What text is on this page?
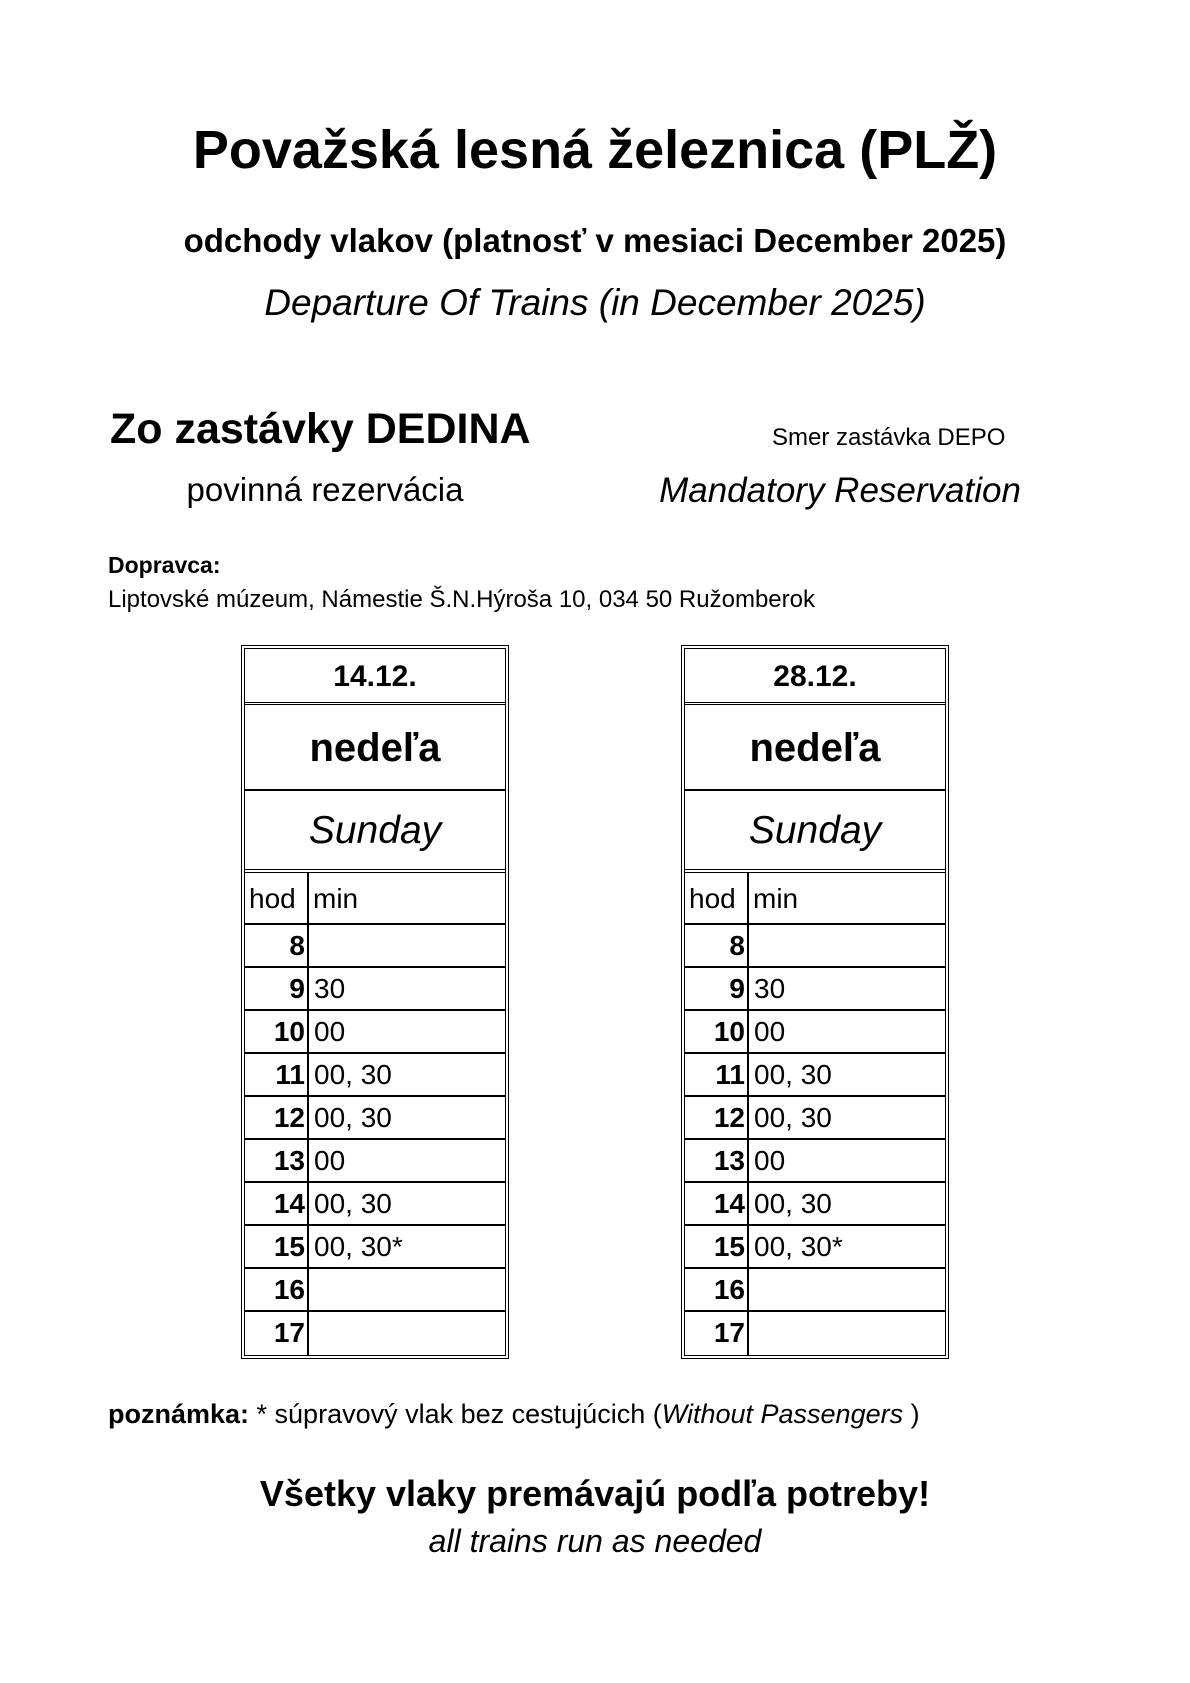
Považská lesná železnica (PLŽ)
odchody vlakov (platnosť v mesiaci December 2025)
Departure Of Trains (in December 2025)
Zo zastávky DEDINA	Smer zastávka DEPO
povinná rezervácia	Mandatory Reservation
Dopravca:
Liptovské múzeum, Námestie Š.N.Hýroša 10, 034 50 Ružomberok
14.12.
nedeľa
Sunday
hod min
8
9 30
10 00
11 00, 30
12 00, 30
13 00
14 00, 30
15 00, 30*
16
17
28.12.
nedeľa
Sunday
hod min
8
9 30
10 00
11 00, 30
12 00, 30
13 00
14 00, 30
15 00, 30*
16
17
poznámka: * súpravový vlak bez cestujúcich (Without Passengers )
Všetky vlaky premávajú podľa potreby!
all trains run as needed
